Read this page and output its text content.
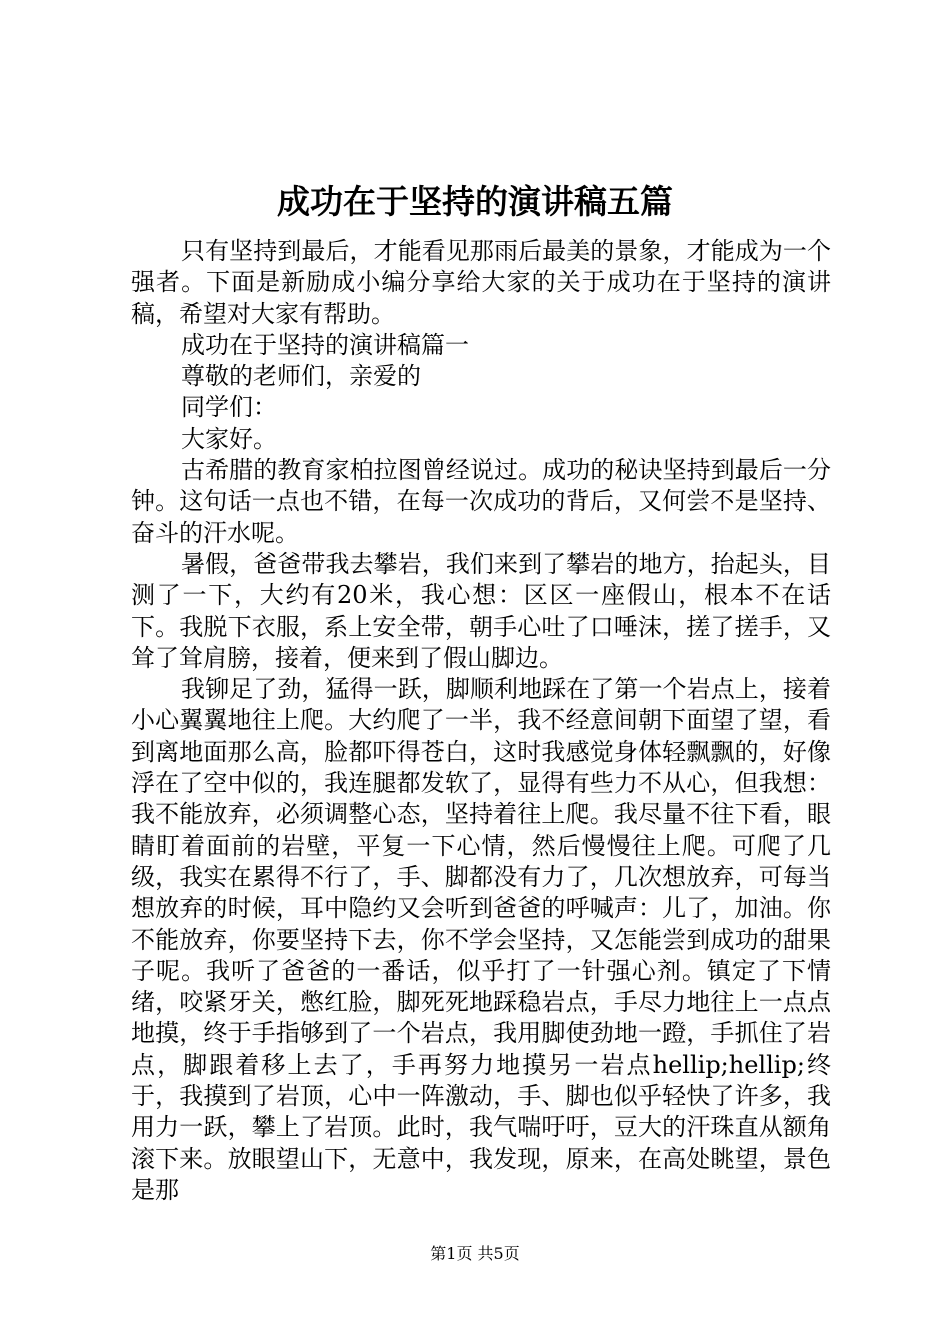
成功在于坚持的演讲稿五篇

只有坚持到最后，才能看见那雨后最美的景象，才能成为一个强者。下面是新励成小编分享给大家的关于成功在于坚持的演讲稿，希望对大家有帮助。

成功在于坚持的演讲稿篇一

尊敬的老师们，亲爱的

同学们：

大家好。

古希腊的教育家柏拉图曾经说过。成功的秘诀坚持到最后一分钟。这句话一点也不错，在每一次成功的背后，又何尝不是坚持、奋斗的汗水呢。

暑假，爸爸带我去攀岩，我们来到了攀岩的地方，抬起头，目测了一下，大约有20米，我心想：区区一座假山，根本不在话下。我脱下衣服，系上安全带，朝手心吐了口唾沫，搓了搓手，又耸了耸肩膀，接着，便来到了假山脚边。

我铆足了劲，猛得一跃，脚顺利地踩在了第一个岩点上，接着小心翼翼地往上爬。大约爬了一半，我不经意间朝下面望了望，看到离地面那么高，脸都吓得苍白，这时我感觉身体轻飘飘的，好像浮在了空中似的，我连腿都发软了，显得有些力不从心，但我想：我不能放弃，必须调整心态，坚持着往上爬。我尽量不往下看，眼睛盯着面前的岩壁，平复一下心情，然后慢慢往上爬。可爬了几级，我实在累得不行了，手、脚都没有力了，几次想放弃，可每当想放弃的时候，耳中隐约又会听到爸爸的呼喊声：儿了，加油。你不能放弃，你要坚持下去，你不学会坚持，又怎能尝到成功的甜果子呢。我听了爸爸的一番话，似乎打了一针强心剂。镇定了下情绪，咬紧牙关，憋红脸，脚死死地踩稳岩点，手尽力地往上一点点地摸，终于手指够到了一个岩点，我用脚使劲地一蹬，手抓住了岩点，脚跟着移上去了，手再努力地摸另一岩点hellip;hellip;终于，我摸到了岩顶，心中一阵激动，手、脚也似乎轻快了许多，我用力一跃，攀上了岩顶。此时，我气喘吁吁，豆大的汗珠直从额角滚下来。放眼望山下，无意中，我发现，原来，在高处眺望，景色是那

第1页 共5页
